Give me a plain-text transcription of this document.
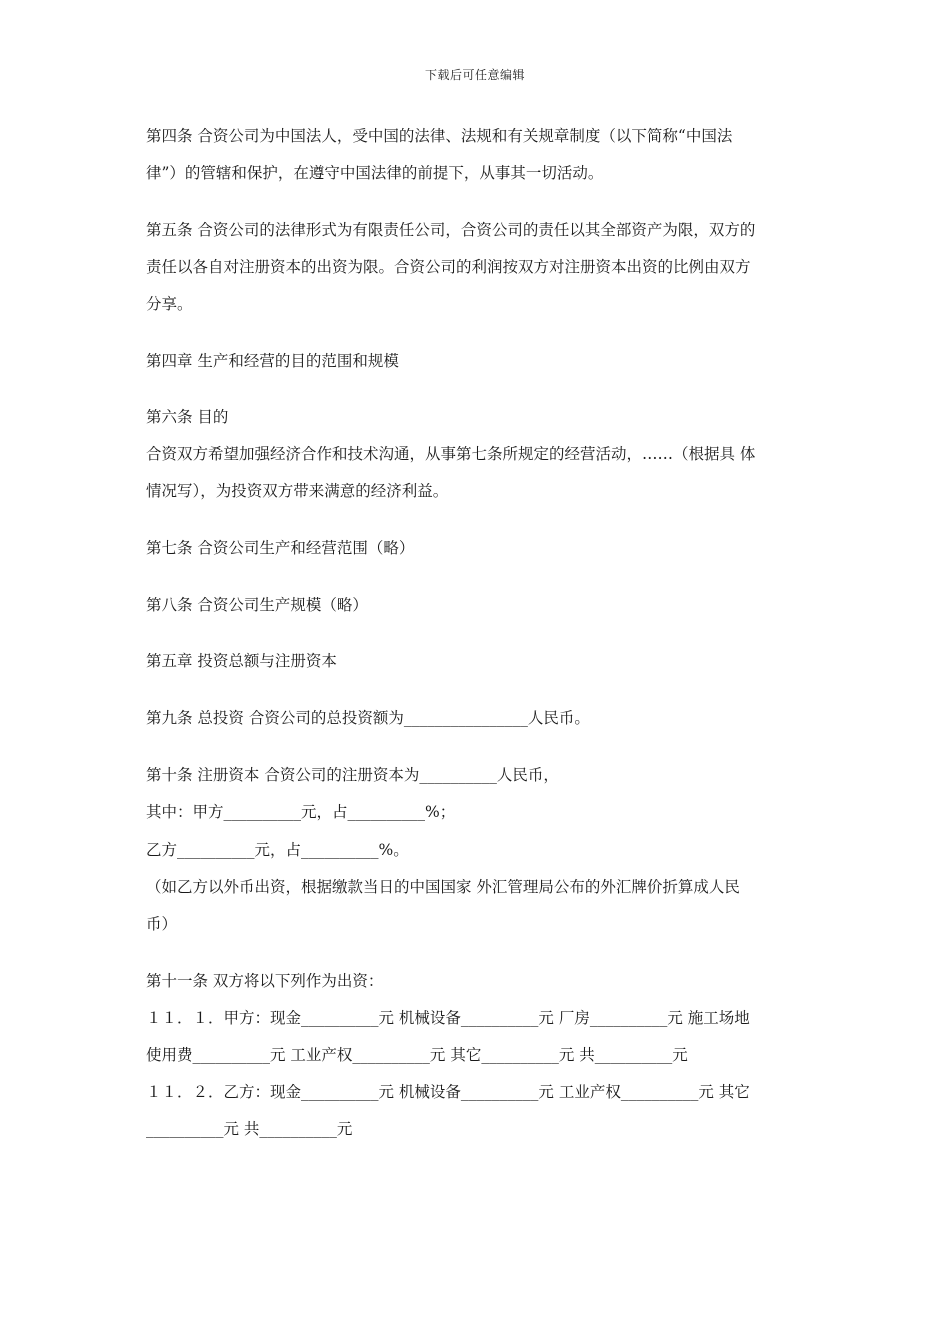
下载后可任意编辑
第四条 合资公司为中国法人，受中国的法律、法规和有关规章制度（以下简称“中国法
律”）的管辖和保护，在遵守中国法律的前提下，从事其一切活动。
第五条 合资公司的法律形式为有限责任公司，合资公司的责任以其全部资产为限，双方的
责任以各自对注册资本的出资为限。合资公司的利润按双方对注册资本出资的比例由双方
分享。
第四章 生产和经营的目的范围和规模
第六条 目的
合资双方希望加强经济合作和技术沟通，从事第七条所规定的经营活动，……（根据具 体
情况写），为投资双方带来满意的经济利益。
第七条 合资公司生产和经营范围（略）
第八条 合资公司生产规模（略）
第五章 投资总额与注册资本
第九条 总投资 合资公司的总投资额为________________人民币。
第十条 注册资本 合资公司的注册资本为__________人民币，
其中：甲方__________元，占__________%；
乙方__________元，占__________%。
（如乙方以外币出资，根据缴款当日的中国国家 外汇管理局公布的外汇牌价折算成人民
币）
第十一条 双方将以下列作为出资：
１１．１．甲方：现金__________元 机械设备__________元 厂房__________元 施工场地
使用费__________元 工业产权__________元 其它__________元 共__________元
１１．２．乙方：现金__________元 机械设备__________元 工业产权__________元 其它
__________元 共__________元
